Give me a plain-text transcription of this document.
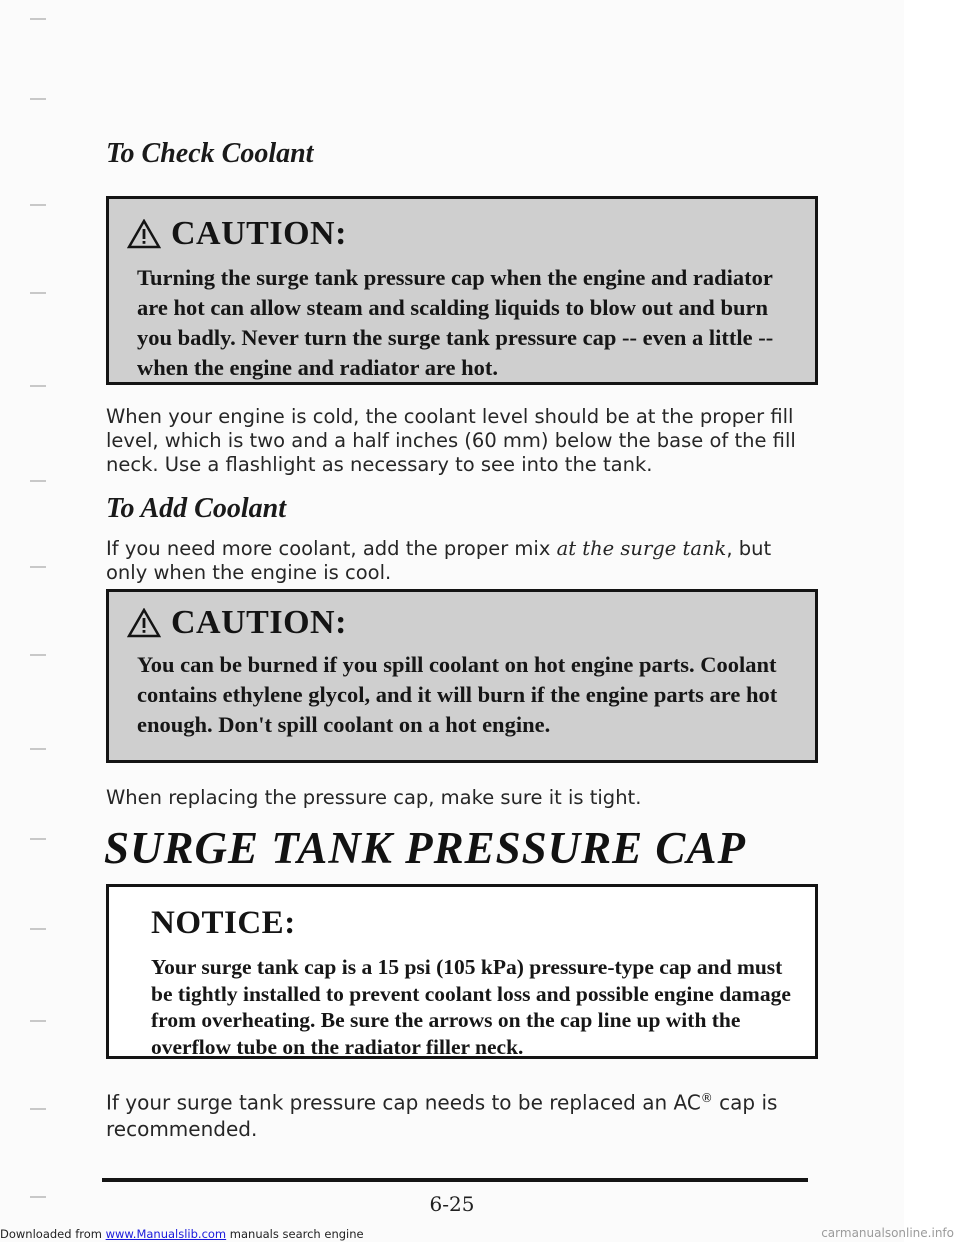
To Check Coolant
CAUTION:

Turning the surge tank pressure cap when the engine and radiator are hot can allow steam and scalding liquids to blow out and burn you badly. Never turn the surge tank pressure cap -- even a little -- when the engine and radiator are hot.

When your engine is cold, the coolant level should be at the proper fill level, which is two and a half inches (60 mm) below the base of the fill neck. Use a flashlight as necessary to see into the tank.

To Add Coolant

If you need more coolant, add the proper mix at the surge tank, but only when the engine is cool.

CAUTION:

You can be burned if you spill coolant on hot engine parts. Coolant contains ethylene glycol, and it will burn if the engine parts are hot enough. Don't spill coolant on a hot engine.

When replacing the pressure cap, make sure it is tight.

SURGE TANK PRESSURE CAP

NOTICE:

Your surge tank cap is a 15 psi (105 kPa) pressure-type cap and must be tightly installed to prevent coolant loss and possible engine damage from overheating. Be sure the arrows on the cap line up with the overflow tube on the radiator filler neck.

If your surge tank pressure cap needs to be replaced an AC® cap is recommended.

6-25

Downloaded from www.Manualslib.com manuals search engine	carmanualsonline.info
